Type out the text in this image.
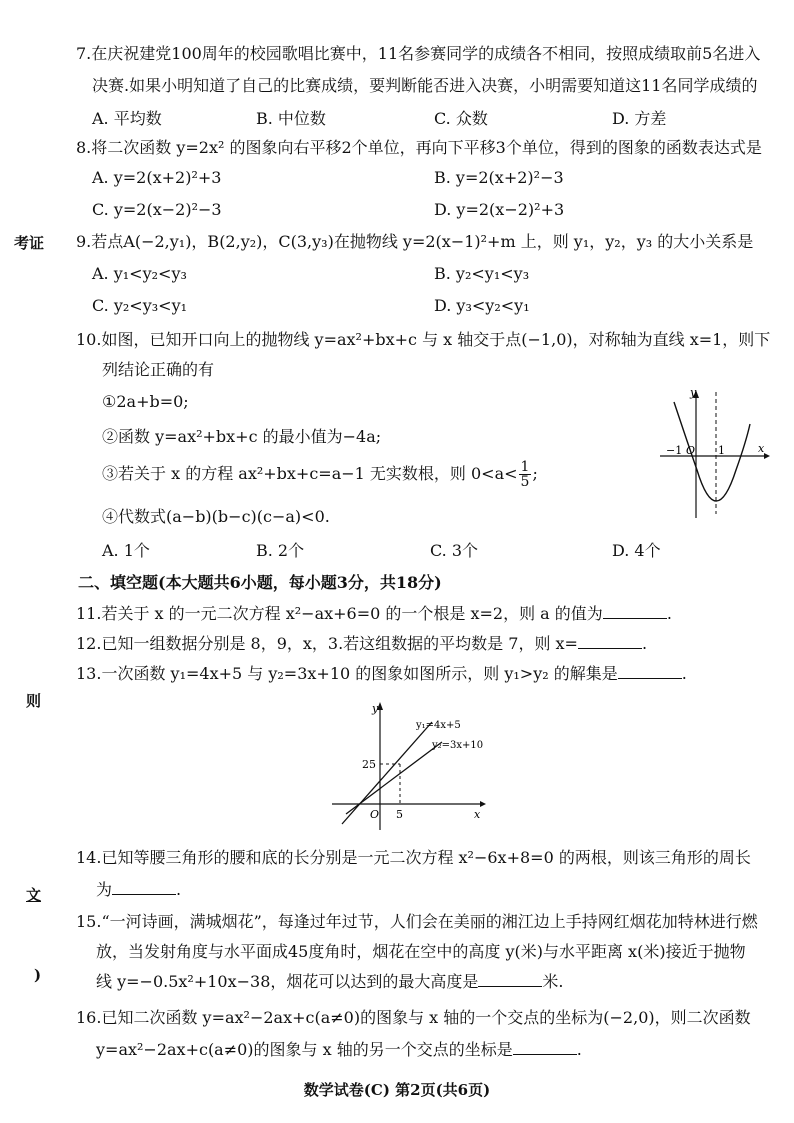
考证
则
文
)
7.在庆祝建党100周年的校园歌唱比赛中，11名参赛同学的成绩各不相同，按照成绩取前5名进入
决赛.如果小明知道了自己的比赛成绩，要判断能否进入决赛，小明需要知道这11名同学成绩的
A. 平均数	B. 中位数	C. 众数	D. 方差
8.将二次函数 y=2x² 的图象向右平移2个单位，再向下平移3个单位，得到的图象的函数表达式是
A. y=2(x+2)²+3	B. y=2(x+2)²−3
C. y=2(x−2)²−3	D. y=2(x−2)²+3
9.若点A(−2,y₁)，B(2,y₂)，C(3,y₃)在抛物线 y=2(x−1)²+m 上，则 y₁，y₂，y₃ 的大小关系是
A. y₁<y₂<y₃	B. y₂<y₁<y₃
C. y₂<y₃<y₁	D. y₃<y₂<y₁
10.如图，已知开口向上的抛物线 y=ax²+bx+c 与 x 轴交于点(−1,0)，对称轴为直线 x=1，则下
列结论正确的有
①2a+b=0;
②函数 y=ax²+bx+c 的最小值为−4a;
③若关于 x 的方程 ax²+bx+c=a−1 无实数根，则 $0<a< \frac{1}{5}$ ;
④代数式(a−b)(b−c)(c−a)<0.
A. 1个	B. 2个	C. 3个	D. 4个
y
x
−1 O 1
二、填空题(本大题共6小题，每小题3分，共18分)
11.若关于 x 的一元二次方程 x²−ax+6=0 的一个根是 x=2，则 a 的值为	.
12.已知一组数据分别是 8，9，x，3.若这组数据的平均数是 7，则 x=	.
13.一次函数 y₁=4x+5 与 y₂=3x+10 的图象如图所示，则 y₁>y₂ 的解集是	.
y
x
O
y₁=4x+5
y₂=3x+10
25
5
14.已知等腰三角形的腰和底的长分别是一元二次方程 x²−6x+8=0 的两根，则该三角形的周长
为	.
15.“一河诗画，满城烟花”，每逢过年过节，人们会在美丽的湘江边上手持网红烟花加特林进行燃
放，当发射角度与水平面成45度角时，烟花在空中的高度 y(米)与水平距离 x(米)接近于抛物
线 y=−0.5x²+10x−38，烟花可以达到的最大高度是	米.
16.已知二次函数 y=ax²−2ax+c(a≠0)的图象与 x 轴的一个交点的坐标为(−2,0)，则二次函数
y=ax²−2ax+c(a≠0)的图象与 x 轴的另一个交点的坐标是	.
数学试卷(C) 第2页(共6页)
